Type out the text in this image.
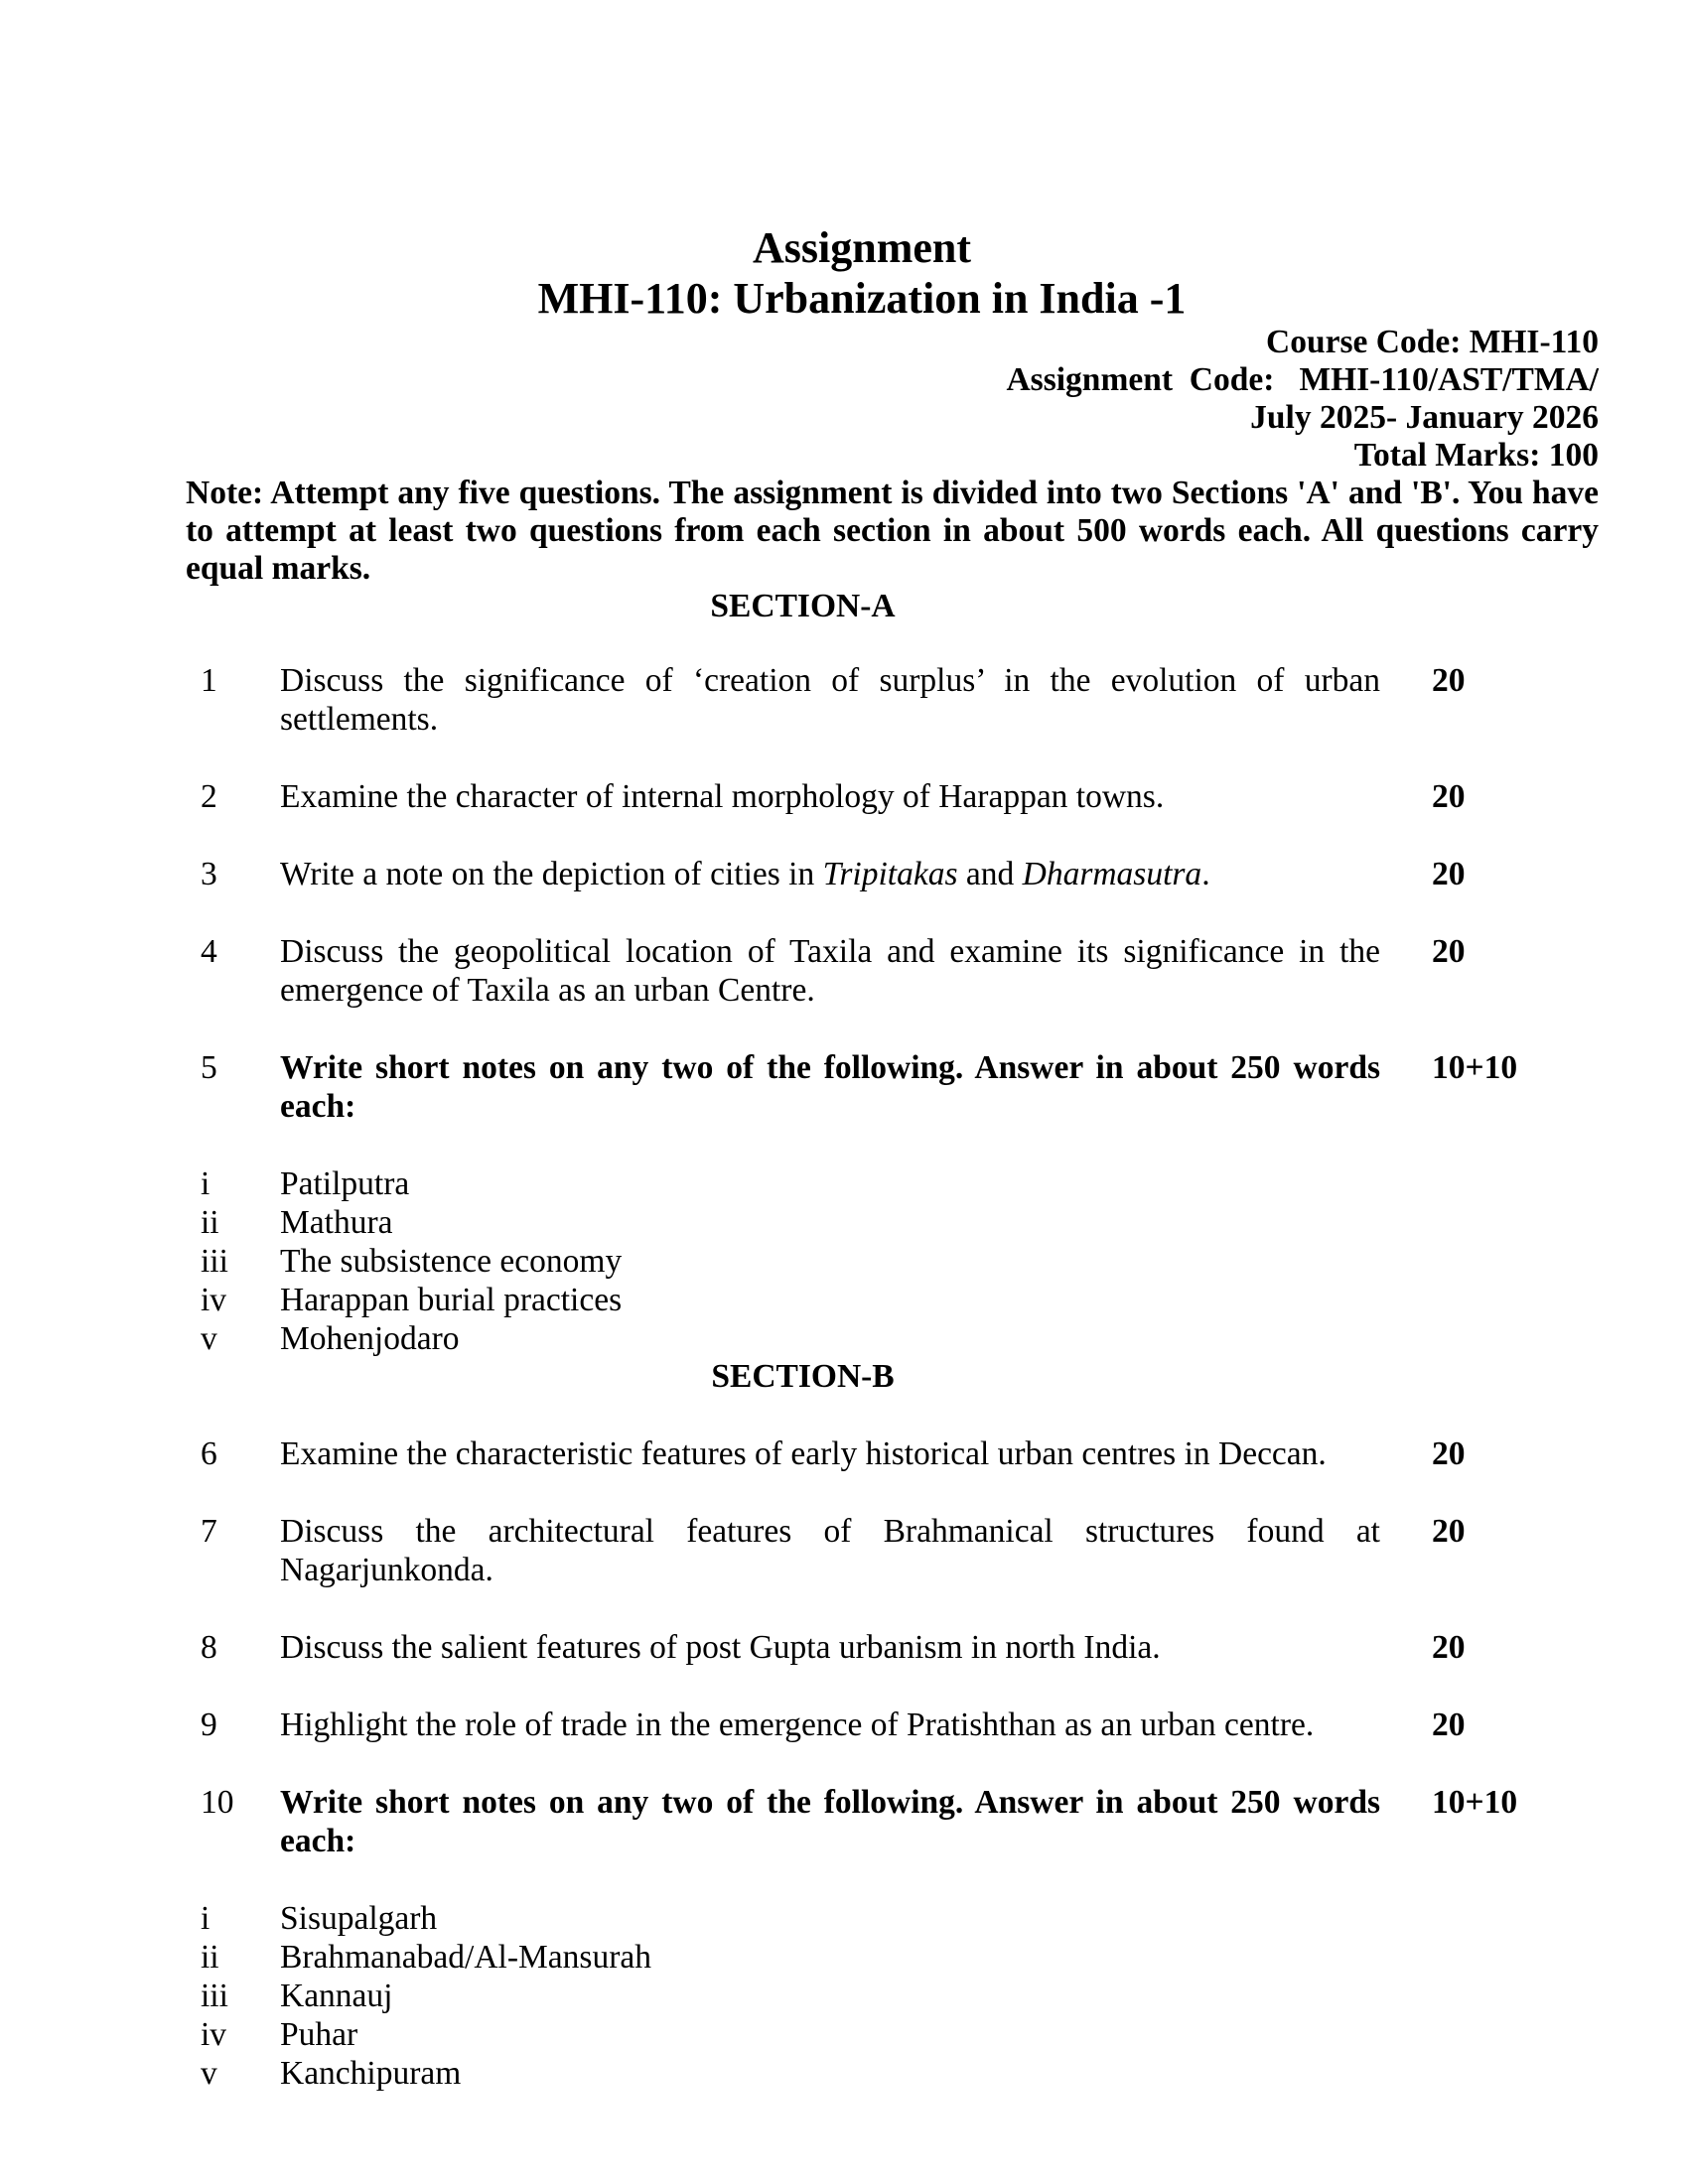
Assignment
MHI-110: Urbanization in India -1
Course Code: MHI-110
Assignment  Code:   MHI-110/AST/TMA/
July 2025- January 2026
Total Marks: 100
Note: Attempt any five questions. The assignment is divided into two Sections 'A' and 'B'. You have to attempt at least two questions from each section in about 500 words each. All questions carry equal marks.
SECTION-A
1	Discuss the significance of ‘creation of surplus’ in the evolution of urban settlements.
20
2	Examine the character of internal morphology of Harappan towns.	20
3	Write a note on the depiction of cities in Tripitakas and Dharmasutra.	20
4	Discuss the geopolitical location of Taxila and examine its significance in the emergence of Taxila as an urban Centre.
20
5	Write short notes on any two of the following. Answer in about 250 words each:
10+10
i	Patilputra
ii	Mathura
iii	The subsistence economy
iv	Harappan burial practices
v	Mohenjodaro
SECTION-B
6	Examine the characteristic features of early historical urban centres in Deccan.	20
7	Discuss the architectural features of Brahmanical structures found at Nagarjunkonda.
20
8	Discuss the salient features of post Gupta urbanism in north India.	20
9	Highlight the role of trade in the emergence of Pratishthan as an urban centre.	20
10	Write short notes on any two of the following. Answer in about 250 words each:
10+10
i	Sisupalgarh
ii	Brahmanabad/Al-Mansurah
iii	Kannauj
iv	Puhar
v	Kanchipuram
